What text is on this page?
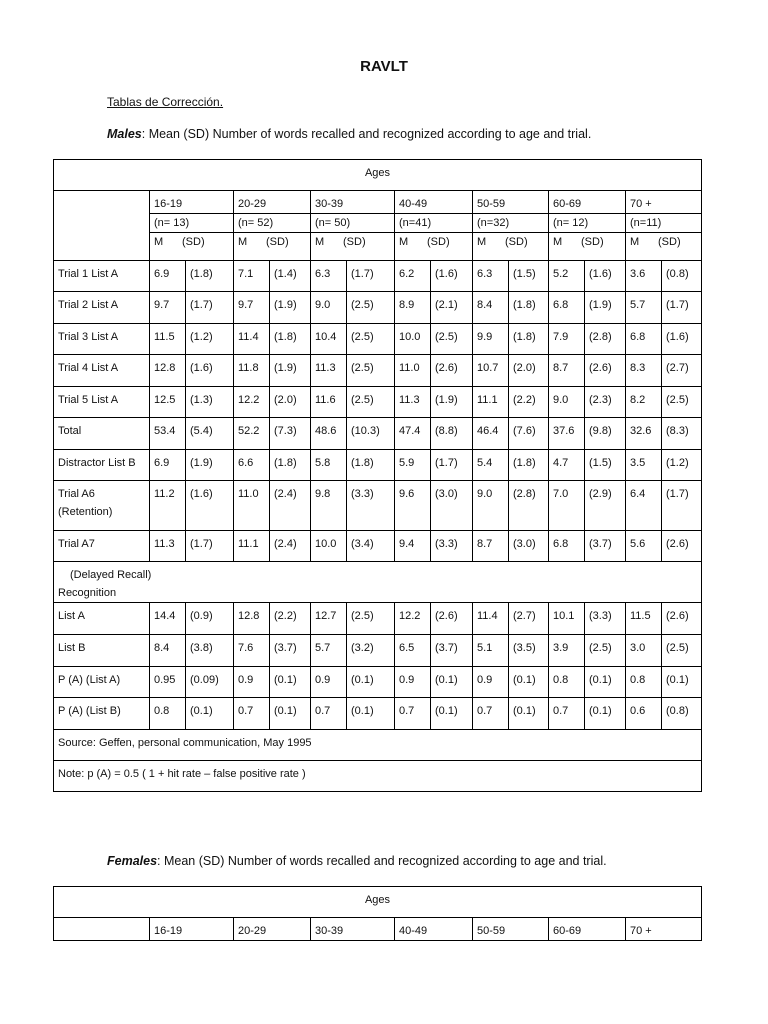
RAVLT
Tablas de Corrección.
Males: Mean (SD) Number of words recalled and recognized according to age and trial.
Ages														
	16-19		20-29		30-39		40-49		50-59		60-69		70 +	
	(n= 13)		(n= 52)		(n= 50)		(n=41)		(n=32)		(n= 12)		(n=11)	
	M (SD)		M (SD)		M (SD)		M (SD)		M (SD)		M (SD)		M (SD)	
Trial 1 List A	6.9	(1.8)	7.1	(1.4)	6.3	(1.7)	6.2	(1.6)	6.3	(1.5)	5.2	(1.6)	3.6	(0.8)
Trial 2 List A	9.7	(1.7)	9.7	(1.9)	9.0	(2.5)	8.9	(2.1)	8.4	(1.8)	6.8	(1.9)	5.7	(1.7)
Trial 3 List A	11.5	(1.2)	11.4	(1.8)	10.4	(2.5)	10.0	(2.5)	9.9	(1.8)	7.9	(2.8)	6.8	(1.6)
Trial 4 List A	12.8	(1.6)	11.8	(1.9)	11.3	(2.5)	11.0	(2.6)	10.7	(2.0)	8.7	(2.6)	8.3	(2.7)
Trial 5 List A	12.5	(1.3)	12.2	(2.0)	11.6	(2.5)	11.3	(1.9)	11.1	(2.2)	9.0	(2.3)	8.2	(2.5)
Total	53.4	(5.4)	52.2	(7.3)	48.6	(10.3)	47.4	(8.8)	46.4	(7.6)	37.6	(9.8)	32.6	(8.3)
Distractor List B	6.9	(1.9)	6.6	(1.8)	5.8	(1.8)	5.9	(1.7)	5.4	(1.8)	4.7	(1.5)	3.5	(1.2)
Trial A6 (Retention)	11.2	(1.6)	11.0	(2.4)	9.8	(3.3)	9.6	(3.0)	9.0	(2.8)	7.0	(2.9)	6.4	(1.7)
Trial A7	11.3	(1.7)	11.1	(2.4)	10.0	(3.4)	9.4	(3.3)	8.7	(3.0)	6.8	(3.7)	5.6	(2.6)

(Delayed Recall)
Recognition														

List A	14.4	(0.9)	12.8	(2.2)	12.7	(2.5)	12.2	(2.6)	11.4	(2.7)	10.1	(3.3)	11.5	(2.6)
List B	8.4	(3.8)	7.6	(3.7)	5.7	(3.2)	6.5	(3.7)	5.1	(3.5)	3.9	(2.5)	3.0	(2.5)
P (A) (List A)	0.95	(0.09)	0.9	(0.1)	0.9	(0.1)	0.9	(0.1)	0.9	(0.1)	0.8	(0.1)	0.8	(0.1)
P (A) (List B)	0.8	(0.1)	0.7	(0.1)	0.7	(0.1)	0.7	(0.1)	0.7	(0.1)	0.7	(0.1)	0.6	(0.8)
Source: Geffen, personal communication, May 1995														
Note: p (A) = 0.5 ( 1 + hit rate – false positive rate )														
Females: Mean (SD) Number of words recalled and recognized according to age and trial.
Ages
	16-19	20-29	30-39	40-49	50-59	60-69	70 +
